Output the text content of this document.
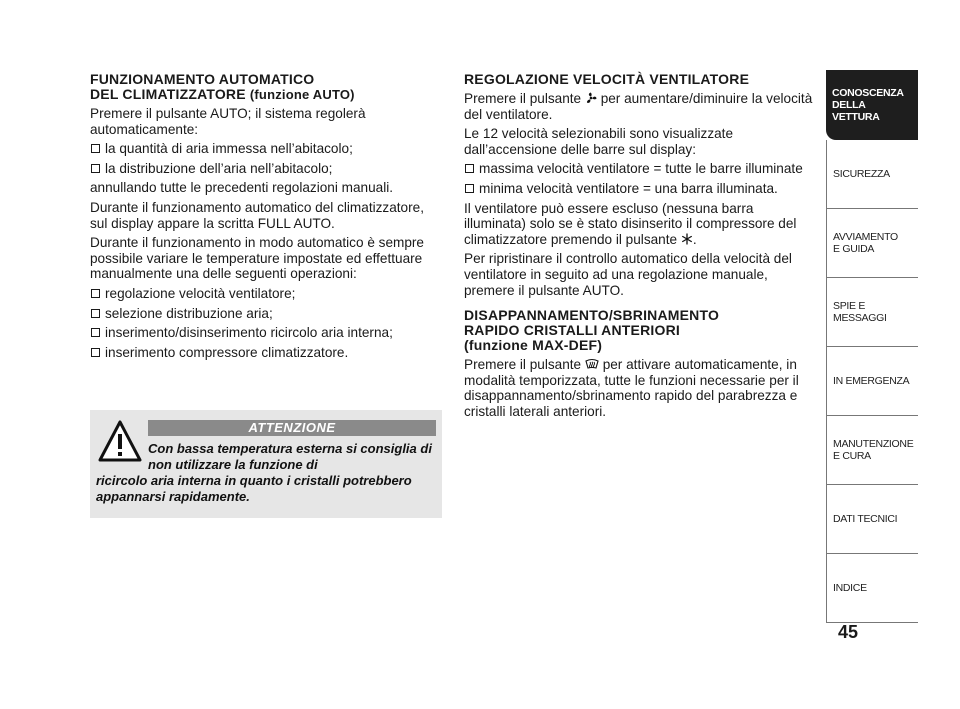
FUNZIONAMENTO AUTOMATICO
DEL CLIMATIZZATORE (funzione AUTO)

Premere il pulsante AUTO; il sistema regolerà automaticamente:

la quantità di aria immessa nell’abitacolo;
la distribuzione dell’aria nell’abitacolo;

annullando tutte le precedenti regolazioni manuali.

Durante il funzionamento automatico del climatizzatore, sul display appare la scritta FULL AUTO.

Durante il funzionamento in modo automatico è sempre possibile variare le temperature impostate ed effettuare manualmente una delle seguenti operazioni:

regolazione velocità ventilatore;
selezione distribuzione aria;
inserimento/disinserimento ricircolo aria interna;
inserimento compressore climatizzatore.
ATTENZIONE
Con bassa temperatura esterna si consiglia di non utilizzare la funzione di
ricircolo aria interna in quanto i cristalli potrebbero appannarsi rapidamente.
REGOLAZIONE VELOCITÀ VENTILATORE

Premere il pulsante per aumentare/diminuire la velocità del ventilatore.

Le 12 velocità selezionabili sono visualizzate dall’accensione delle barre sul display:

massima velocità ventilatore = tutte le barre illuminate
minima velocità ventilatore = una barra illuminata.

Il ventilatore può essere escluso (nessuna barra illuminata) solo se è stato disinserito il compressore del climatizzatore premendo il pulsante .

Per ripristinare il controllo automatico della velocità del ventilatore in seguito ad una regolazione manuale, premere il pulsante AUTO.

DISAPPANNAMENTO/SBRINAMENTO
RAPIDO CRISTALLI ANTERIORI
(funzione MAX-DEF)

Premere il pulsante per attivare automaticamente, in modalità temporizzata, tutte le funzioni necessarie per il disappannamento/sbrinamento rapido del parabrezza e cristalli laterali anteriori.

CONOSCENZA
DELLA
VETTURA
SICUREZZA
AVVIAMENTO
E GUIDA
SPIE E
MESSAGGI
IN EMERGENZA
MANUTENZIONE
E CURA
DATI TECNICI
INDICE
45
